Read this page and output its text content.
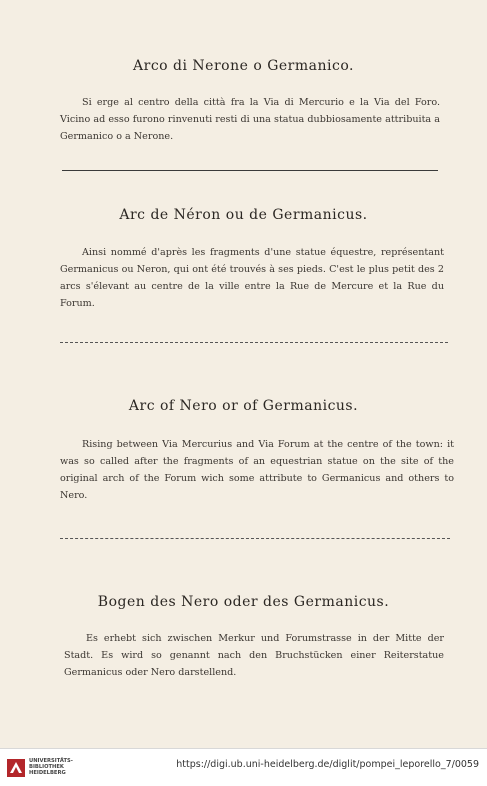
Arco di Nerone o Germanico.
Si erge al centro della città fra la Via di Mercurio e la Via del Foro. Vicino ad esso furono rinvenuti resti di una statua dubbiosamente attribuita a Germanico o a Nerone.
Arc de Néron ou de Germanicus.
Ainsi nommé d'après les fragments d'une statue équestre, représentant Germanicus ou Neron, qui ont été trouvés à ses pieds. C'est le plus petit des 2 arcs s'élevant au centre de la ville entre la Rue de Mercure et la Rue du Forum.
Arc of Nero or of Germanicus.
Rising between Via Mercurius and Via Forum at the centre of the town: it was so called after the fragments of an equestrian statue on the site of the original arch of the Forum wich some attribute to Germanicus and others to Nero.
Bogen des Nero oder des Germanicus.
Es erhebt sich zwischen Merkur und Forumstrasse in der Mitte der Stadt. Es wird so genannt nach den Bruchstücken einer Reiterstatue Germanicus oder Nero darstellend.
UNIVERSITÄTS-
BIBLIOTHEK
HEIDELBERG
https://digi.ub.uni-heidelberg.de/diglit/pompei_leporello_7/0059
